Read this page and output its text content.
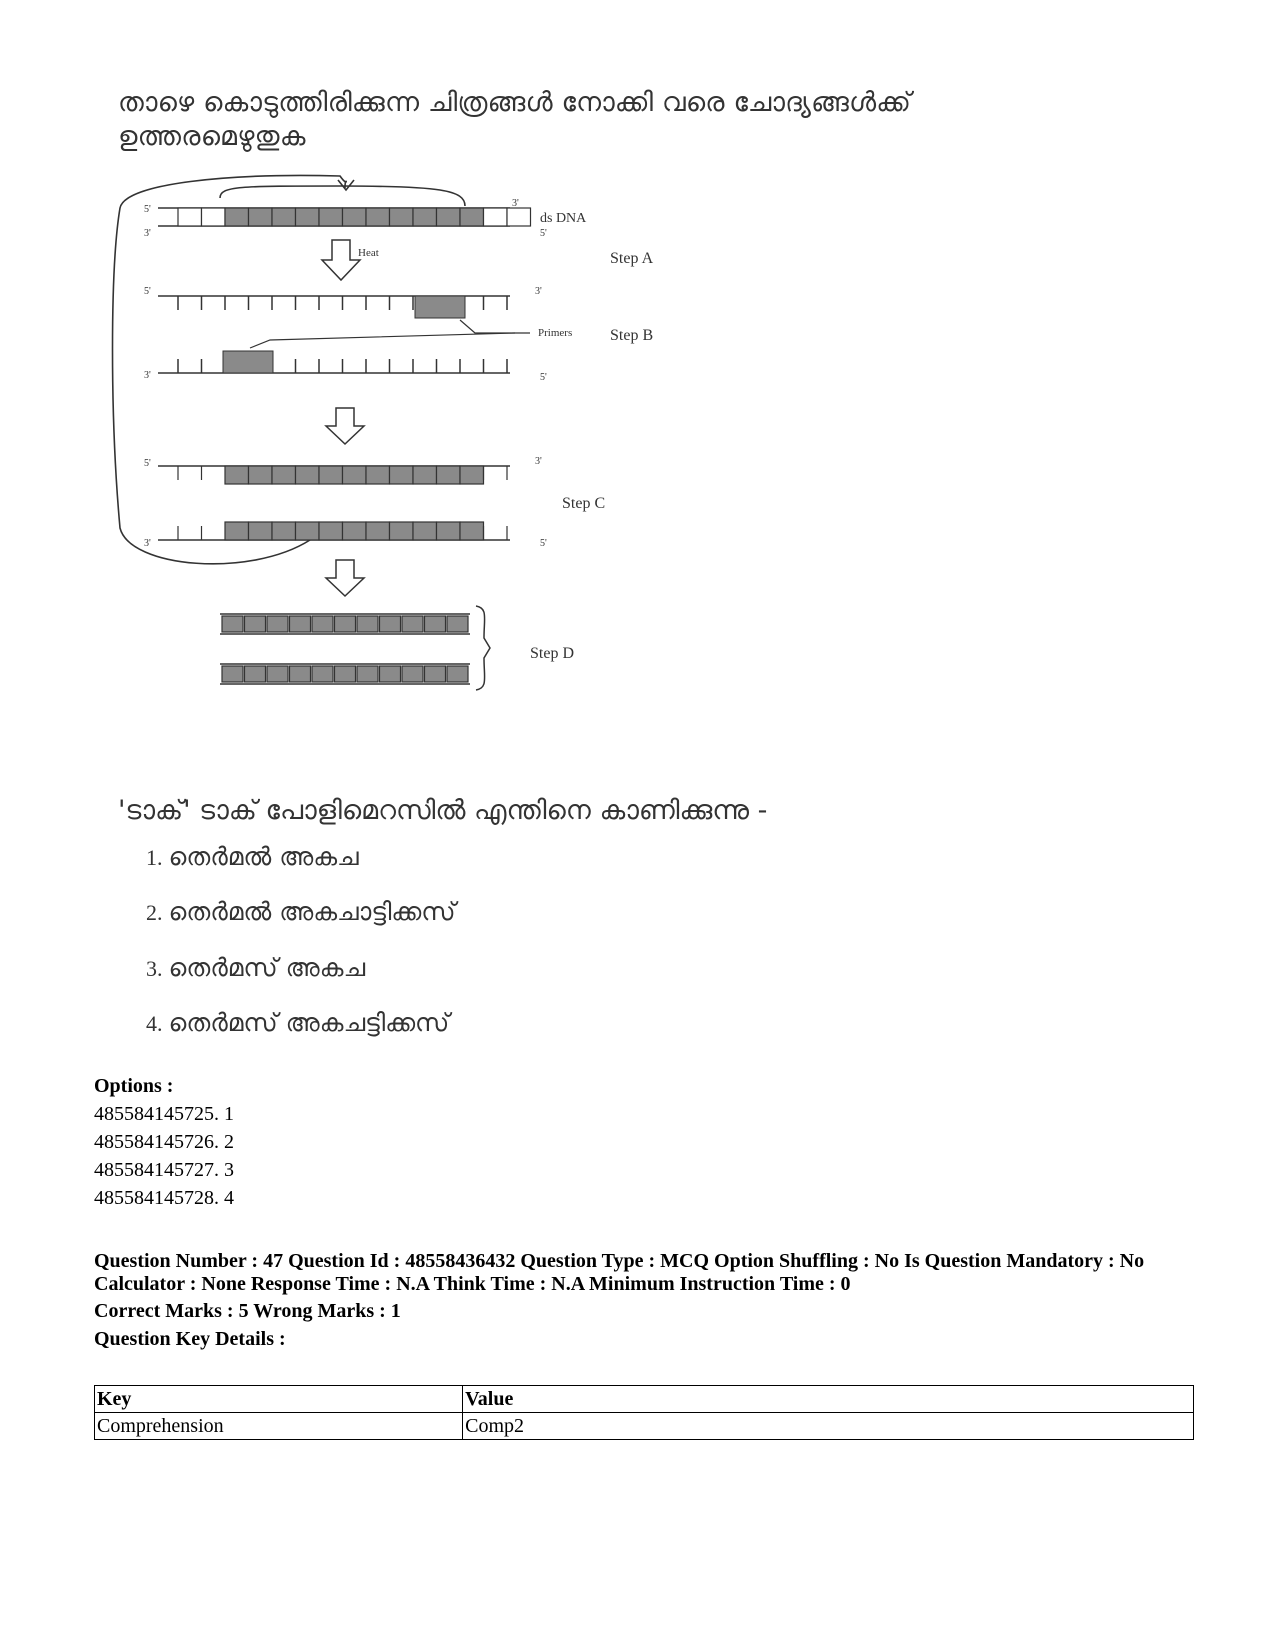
താഴെ കൊടുത്തിരിക്കുന്ന ചിത്രങ്ങൾ നോക്കി വരെ ചോദ്യങ്ങൾക്ക് ഉത്തരമെഴുതുക
ds DNA
Step A
Heat
Primers Step B
Step C
Step D
5'
3'
3'
5'
5'	3'
3'	5'
5'	3'
3'	5'
'ടാക്' ടാക് പോളിമെറസിൽ എന്തിനെ കാണിക്കുന്നു -
1. തെർമൽ അകച
2. തെർമൽ അകചാട്ടിക്കസ്
3. തെർമസ് അകച
4. തെർമസ് അകചട്ടിക്കസ്
Options :
485584145725. 1
485584145726. 2
485584145727. 3
485584145728. 4
Question Number : 47 Question Id : 48558436432 Question Type : MCQ Option Shuffling : No Is Question Mandatory : No Calculator : None Response Time : N.A Think Time : N.A Minimum Instruction Time : 0
Correct Marks : 5 Wrong Marks : 1
Question Key Details :
Key	Value
Comprehension	Comp2
